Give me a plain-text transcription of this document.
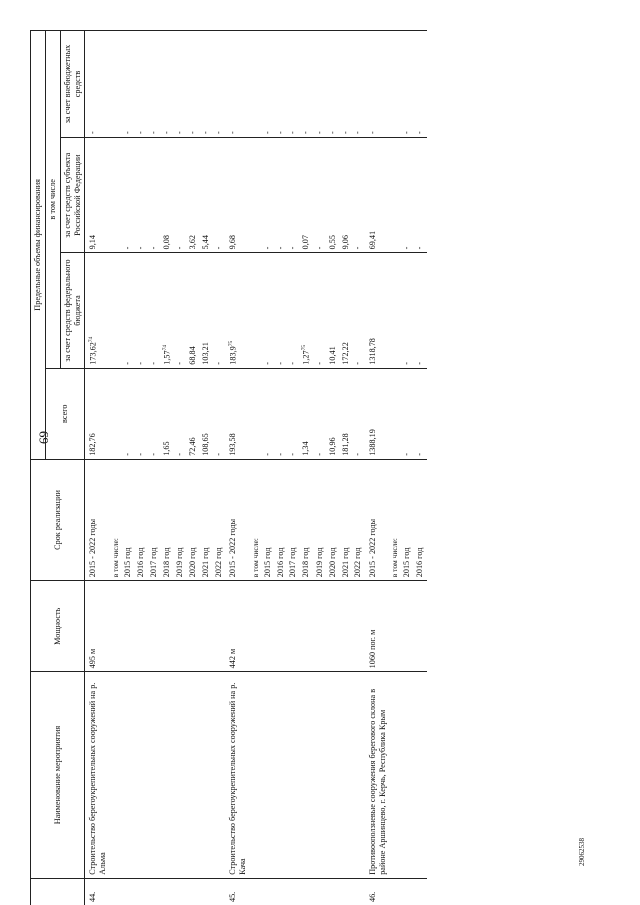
69
29062538
	Наименование мероприятия	Мощность	Срок реализации	Предельные объемы финансирования			
				всего	в том числе		
					за счет средств федерального бюджета	за счет средств субъекта Российской Федерации	за счет внебюджетных средств
44.	Строительство берегоукрепительных сооружений на р. Альма	495 м	2015 - 2022 годы	182,76	173,62$^{74}$	9,14	-
			в том числе:				
			2015 год	-	-	-	-
			2016 год	-	-	-	-
			2017 год	-	-	-	-
			2018 год	1,65	1,57$^{74}$	0,08	-
			2019 год	-	-	-	-
			2020 год	72,46	68,84	3,62	-
			2021 год	108,65	103,21	5,44	-
			2022 год	-	-	-	-
45.	Строительство берегоукрепительных сооружений на р. Кача	442 м	2015 - 2022 годы	193,58	183,9$^{75}$	9,68	-
			в том числе:				
			2015 год	-	-	-	-
			2016 год	-	-	-	-
			2017 год	-	-	-	-
			2018 год	1,34	1,27$^{75}$	0,07	-
			2019 год	-	-	-	-
			2020 год	10,96	10,41	0,55	-
			2021 год	181,28	172,22	9,06	-
			2022 год	-	-	-	-
46.	Противооползневые сооружения берегового склона в районе Аршинцево, г. Керчь, Республика Крым	1060 пог. м	2015 - 2022 годы	1388,19	1318,78	69,41	-
			в том числе:				
			2015 год	-	-	-	-
			2016 год	-	-	-	-
